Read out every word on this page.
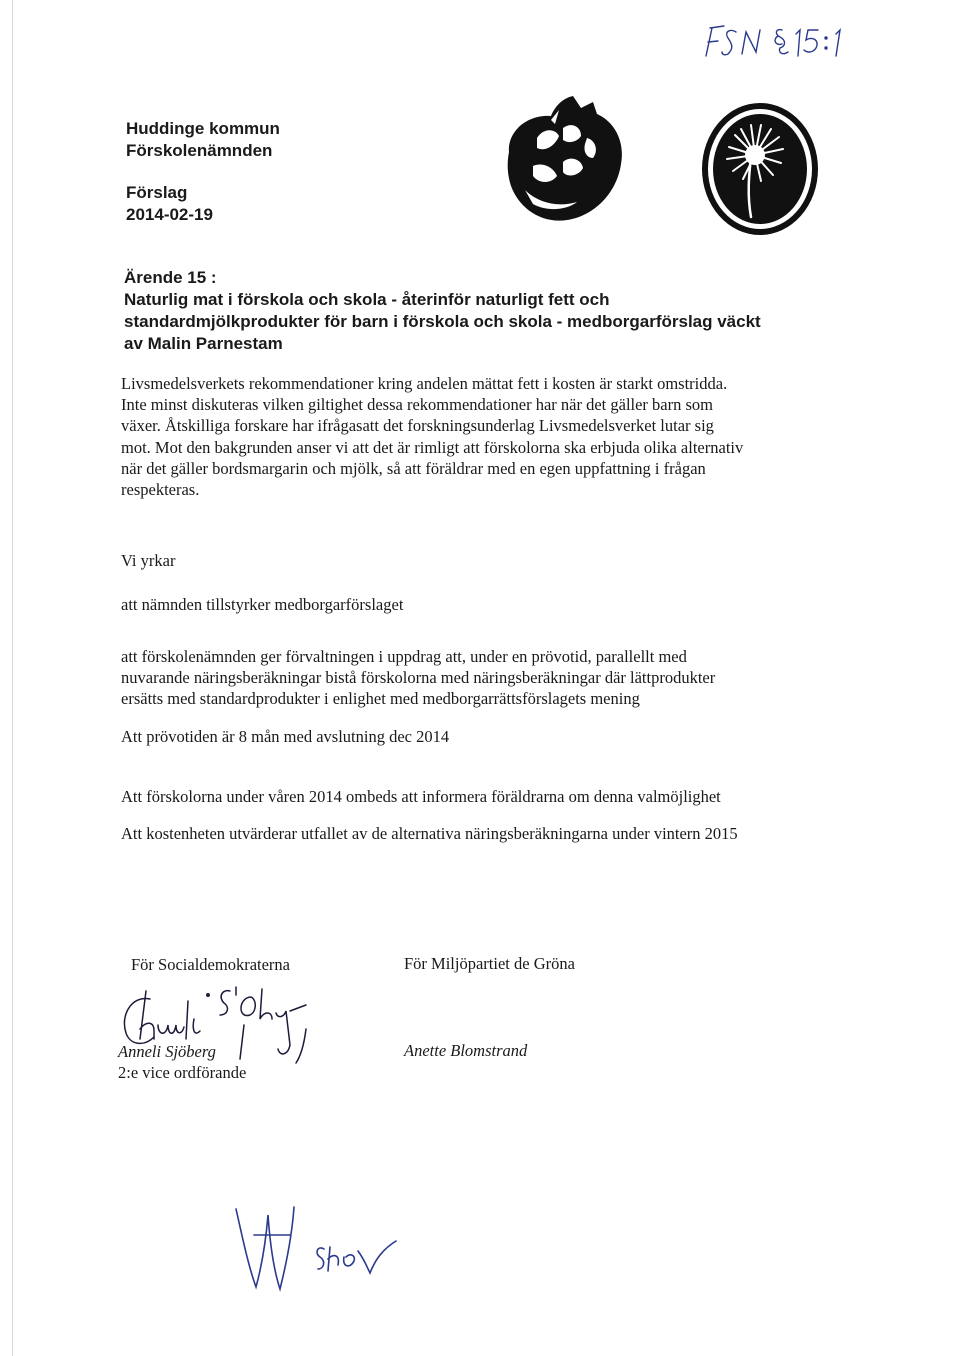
Huddinge kommun
Förskolenämnden
Förslag
2014-02-19
Ärende 15 :
Naturlig mat i förskola och skola - återinför naturligt fett och
standardmjölkprodukter för barn i förskola och skola - medborgarförslag väckt
av Malin Parnestam
Livsmedelsverkets rekommendationer kring andelen mättat fett i kosten är starkt omstridda.
Inte minst diskuteras vilken giltighet dessa rekommendationer har när det gäller barn som
växer. Åtskilliga forskare har ifrågasatt det forskningsunderlag Livsmedelsverket lutar sig
mot. Mot den bakgrunden anser vi att det är rimligt att förskolorna ska erbjuda olika alternativ
när det gäller bordsmargarin och mjölk, så att föräldrar med en egen uppfattning i frågan
respekteras.
Vi yrkar
att nämnden tillstyrker medborgarförslaget
att förskolenämnden ger förvaltningen i uppdrag att, under en prövotid, parallellt med
nuvarande näringsberäkningar bistå förskolorna med näringsberäkningar där lättprodukter
ersätts med standardprodukter i enlighet med medborgarrättsförslagets mening
Att prövotiden är 8 mån med avslutning dec 2014
Att förskolorna under våren 2014 ombeds att informera föräldrarna om denna valmöjlighet
Att kostenheten utvärderar utfallet av de alternativa näringsberäkningarna under vintern 2015
För Socialdemokraterna	För Miljöpartiet de Gröna
Anneli Sjöberg
2:e vice ordförande
Anette Blomstrand
